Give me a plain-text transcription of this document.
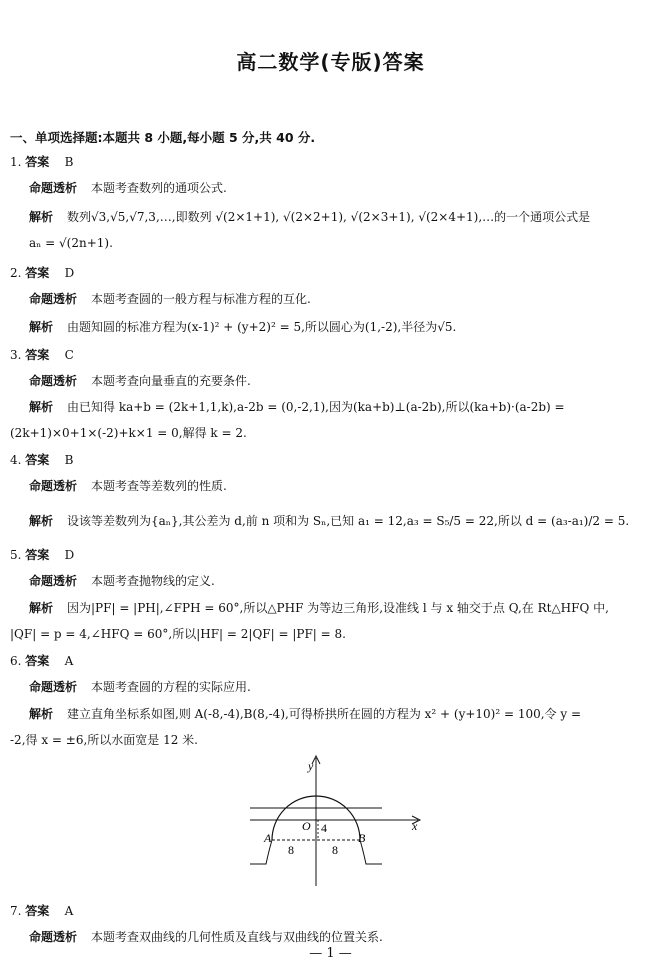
高二数学(专版)答案
一、单项选择题:本题共 8 小题,每小题 5 分,共 40 分.
1. 答案 B
命题透析 本题考查数列的通项公式.
解析 数列√3,√5,√7,3,…,即数列 √(2×1+1), √(2×2+1), √(2×3+1), √(2×4+1),…的一个通项公式是
aₙ = √(2n+1).
2. 答案 D
命题透析 本题考查圆的一般方程与标准方程的互化.
解析 由题知圆的标准方程为(x-1)² + (y+2)² = 5,所以圆心为(1,-2),半径为√5.
3. 答案 C
命题透析 本题考查向量垂直的充要条件.
解析 由已知得 ka+b = (2k+1,1,k),a-2b = (0,-2,1),因为(ka+b)⊥(a-2b),所以(ka+b)·(a-2b) =
(2k+1)×0+1×(-2)+k×1 = 0,解得 k = 2.
4. 答案 B
命题透析 本题考查等差数列的性质.
解析 设该等差数列为{aₙ},其公差为 d,前 n 项和为 Sₙ,已知 a₁ = 12,a₃ = S₅/5 = 22,所以 d = (a₃-a₁)/2 = 5.
5. 答案 D
命题透析 本题考查抛物线的定义.
解析 因为|PF| = |PH|,∠FPH = 60°,所以△PHF 为等边三角形,设准线 l 与 x 轴交于点 Q,在 Rt△HFQ 中,
|QF| = p = 4,∠HFQ = 60°,所以|HF| = 2|QF| = |PF| = 8.
6. 答案 A
命题透析 本题考查圆的方程的实际应用.
解析 建立直角坐标系如图,则 A(-8,-4),B(8,-4),可得桥拱所在圆的方程为 x² + (y+10)² = 100,令 y =
-2,得 x = ±6,所以水面宽是 12 米.
y
x
O 4
A	B
8	8
7. 答案 A
命题透析 本题考查双曲线的几何性质及直线与双曲线的位置关系.
— 1 —
